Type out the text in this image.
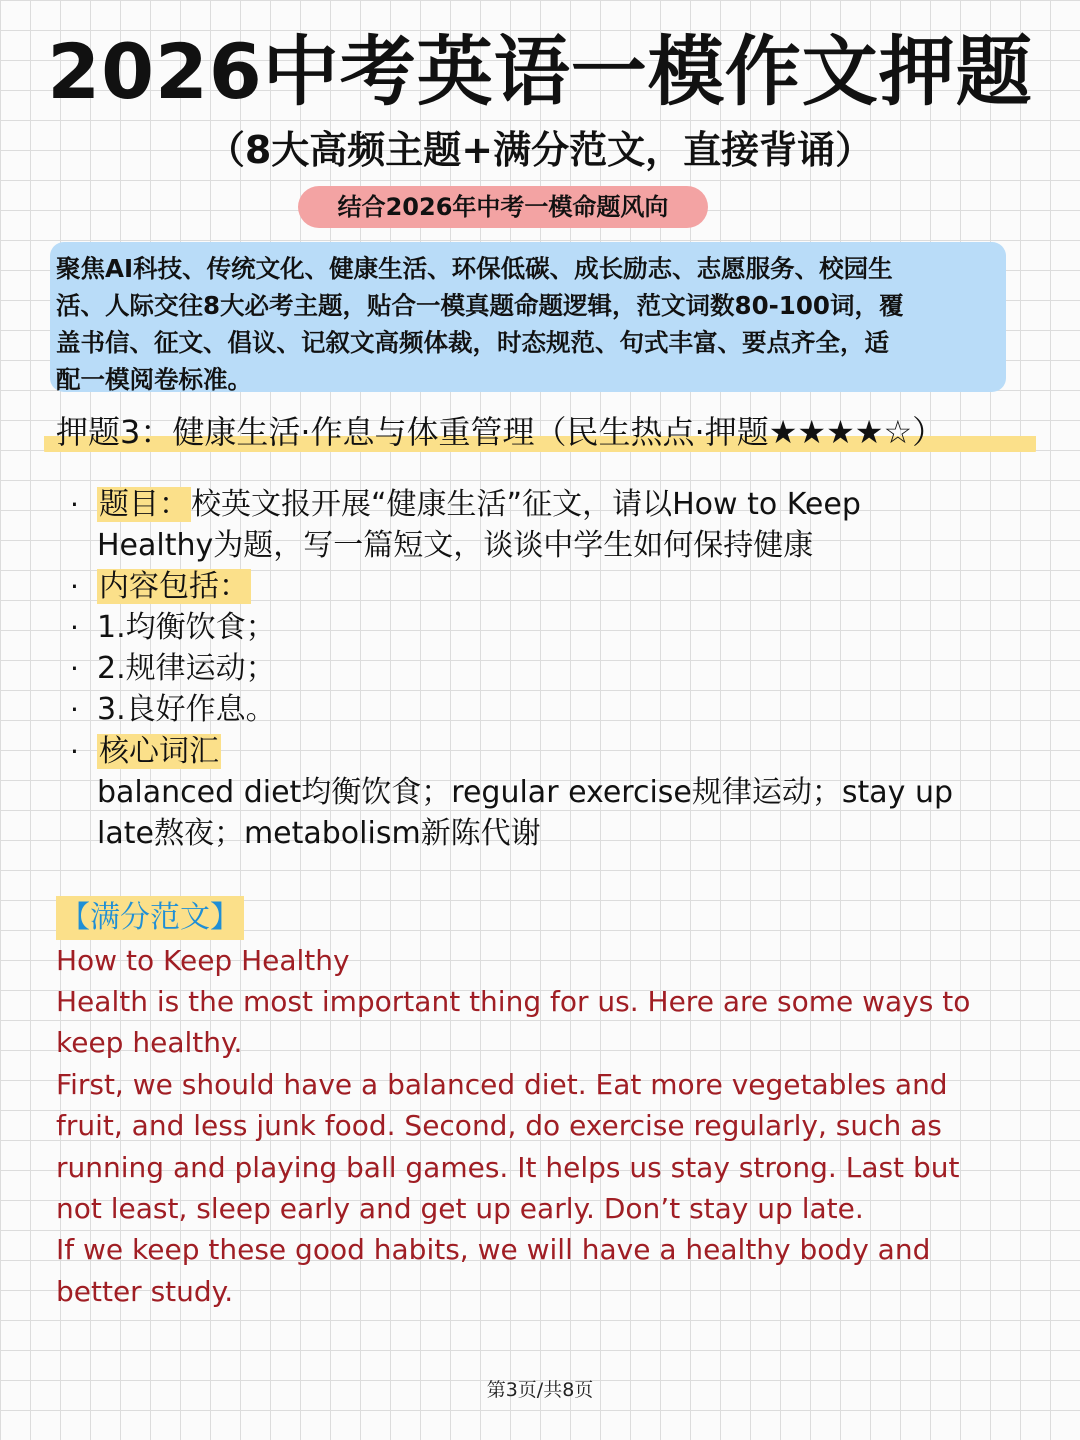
2026中考英语一模作文押题
（8大高频主题+满分范文，直接背诵）
结合2026年中考一模命题风向
聚焦AI科技、传统文化、健康生活、环保低碳、成长励志、志愿服务、校园生
活、人际交往8大必考主题，贴合一模真题命题逻辑，范文词数80-100词，覆
盖书信、征文、倡议、记叙文高频体裁，时态规范、句式丰富、要点齐全，适
配一模阅卷标准。
押题3：健康生活·作息与体重管理（民生热点·押题★★★★☆）
· 题目：校英文报开展“健康生活”征文，请以How to Keep
Healthy为题，写一篇短文，谈谈中学生如何保持健康
· 内容包括：
· 1.均衡饮食；
· 2.规律运动；
· 3.良好作息。
· 核心词汇
balanced diet均衡饮食；regular exercise规律运动；stay up
late熬夜；metabolism新陈代谢
【满分范文】
How to Keep Healthy
Health is the most important thing for us. Here are some ways to
keep healthy.
First, we should have a balanced diet. Eat more vegetables and
fruit, and less junk food. Second, do exercise regularly, such as
running and playing ball games. It helps us stay strong. Last but
not least, sleep early and get up early. Don’t stay up late.
If we keep these good habits, we will have a healthy body and
better study.
第3页/共8页
